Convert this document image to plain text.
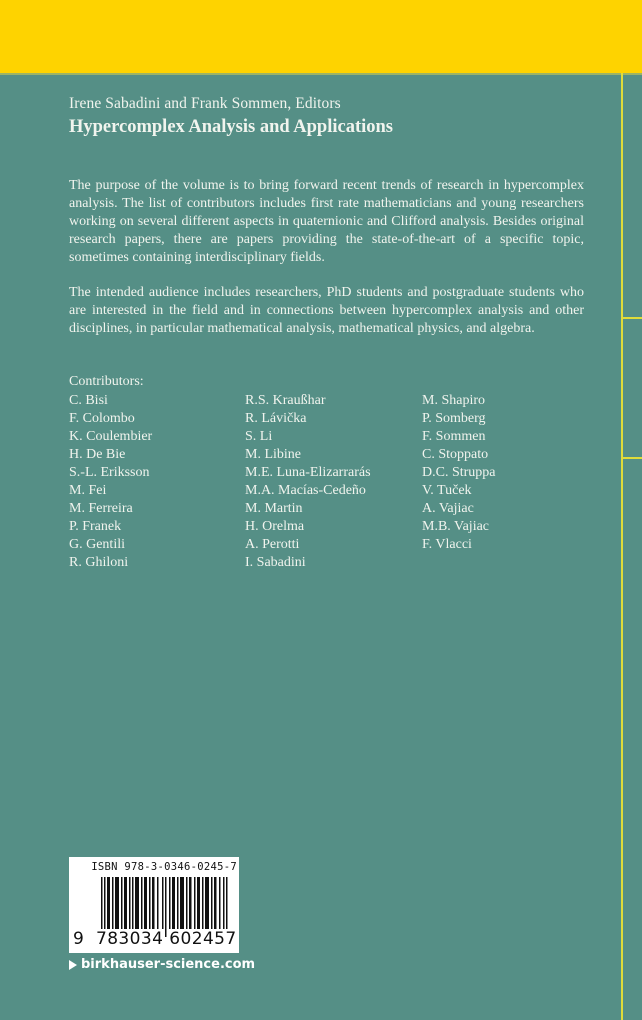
Irene Sabadini and Frank Sommen, Editors
Hypercomplex Analysis and Applications

The purpose of the volume is to bring forward recent trends of research in hypercomplex analysis. The list of contributors includes first rate mathematicians and young researchers working on several different aspects in quaternionic and Clifford analysis. Besides original research papers, there are papers providing the state-of-the-art of a specific topic, sometimes containing interdisciplinary fields.

The intended audience includes researchers, PhD students and postgraduate students who are interested in the field and in connections between hypercomplex analysis and other disciplines, in particular mathematical analysis, mathematical physics, and algebra.

Contributors:
C. Bisi
F. Colombo
K. Coulembier
H. De Bie
S.-L. Eriksson
M. Fei
M. Ferreira
P. Franek
G. Gentili
R. Ghiloni
R.S. Kraußhar
R. Lávička
S. Li
M. Libine
M.E. Luna-Elizarrarás
M.A. Macías-Cedeño
M. Martin
H. Orelma
A. Perotti
I. Sabadini
M. Shapiro
P. Somberg
F. Sommen
C. Stoppato
D.C. Struppa
V. Tuček
A. Vajiac
M.B. Vajiac
F. Vlacci
ISBN 978-3-0346-0245-7
9 783034 602457
birkhauser-science.com
